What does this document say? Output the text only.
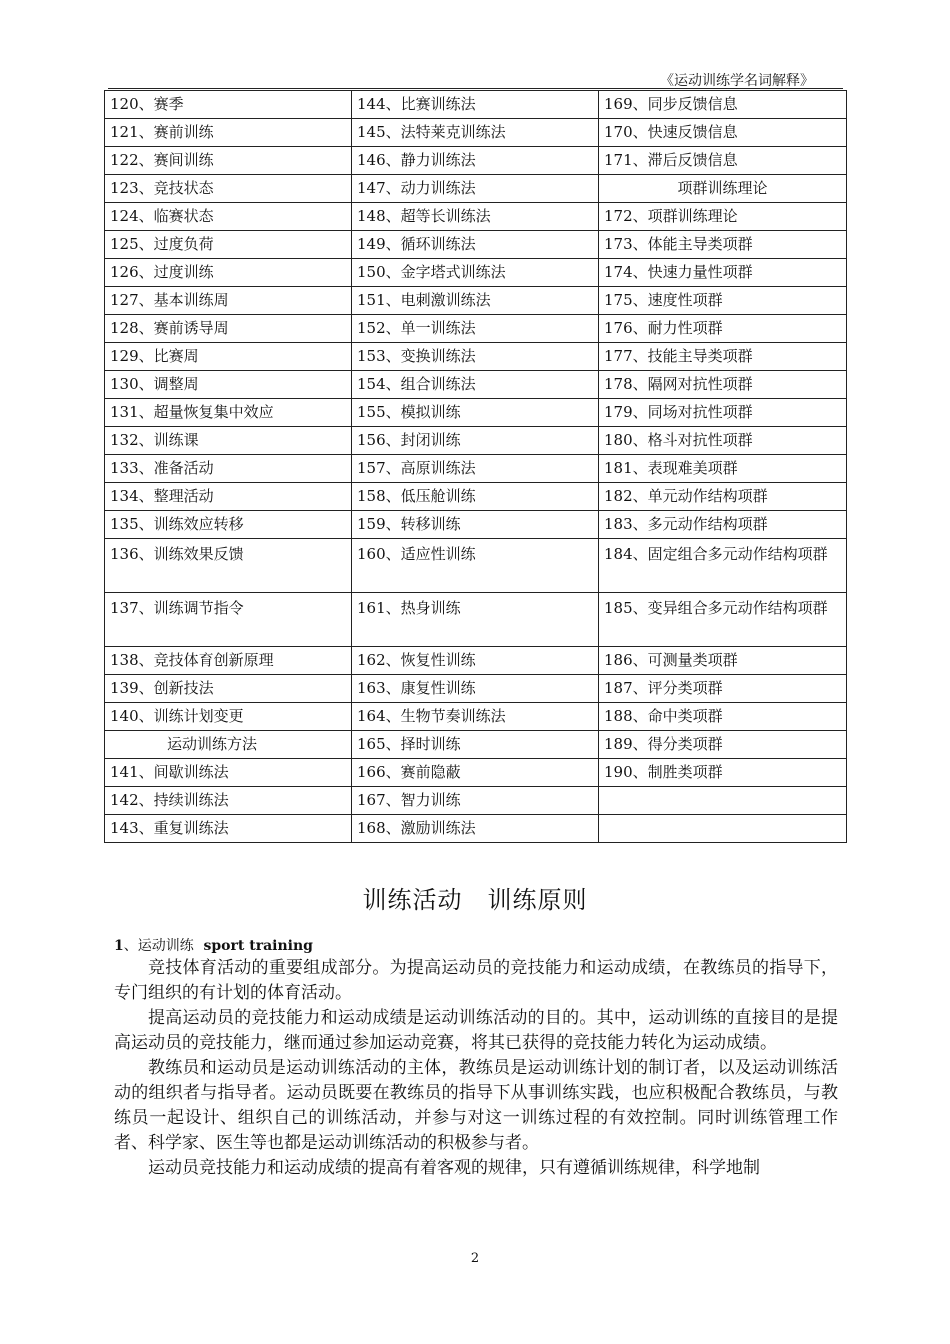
《运动训练学名词解释》
120、赛季	144、比赛训练法	169、同步反馈信息
121、赛前训练	145、法特莱克训练法	170、快速反馈信息
122、赛间训练	146、静力训练法	171、滞后反馈信息
123、竞技状态	147、动力训练法	项群训练理论
124、临赛状态	148、超等长训练法	172、项群训练理论
125、过度负荷	149、循环训练法	173、体能主导类项群
126、过度训练	150、金字塔式训练法	174、快速力量性项群
127、基本训练周	151、电刺激训练法	175、速度性项群
128、赛前诱导周	152、单一训练法	176、耐力性项群
129、比赛周	153、变换训练法	177、技能主导类项群
130、调整周	154、组合训练法	178、隔网对抗性项群
131、超量恢复集中效应	155、模拟训练	179、同场对抗性项群
132、训练课	156、封闭训练	180、格斗对抗性项群
133、准备活动	157、高原训练法	181、表现难美项群
134、整理活动	158、低压舱训练	182、单元动作结构项群
135、训练效应转移	159、转移训练	183、多元动作结构项群
136、训练效果反馈	160、适应性训练	184、固定组合多元动作结构项群
137、训练调节指令	161、热身训练	185、变异组合多元动作结构项群
138、竞技体育创新原理	162、恢复性训练	186、可测量类项群
139、创新技法	163、康复性训练	187、评分类项群
140、训练计划变更	164、生物节奏训练法	188、命中类项群
运动训练方法	165、择时训练	189、得分类项群
141、间歇训练法	166、赛前隐蔽	190、制胜类项群
142、持续训练法	167、智力训练	
143、重复训练法	168、激励训练法	
训练活动　训练原则
1、运动训练 sport training

竞技体育活动的重要组成部分。为提高运动员的竞技能力和运动成绩，在教练员的指导下，专门组织的有计划的体育活动。

提高运动员的竞技能力和运动成绩是运动训练活动的目的。其中，运动训练的直接目的是提高运动员的竞技能力，继而通过参加运动竞赛，将其已获得的竞技能力转化为运动成绩。

教练员和运动员是运动训练活动的主体，教练员是运动训练计划的制订者，以及运动训练活动的组织者与指导者。运动员既要在教练员的指导下从事训练实践，也应积极配合教练员，与教练员一起设计、组织自己的训练活动，并参与对这一训练过程的有效控制。同时训练管理工作者、科学家、医生等也都是运动训练活动的积极参与者。

运动员竞技能力和运动成绩的提高有着客观的规律，只有遵循训练规律，科学地制

2
